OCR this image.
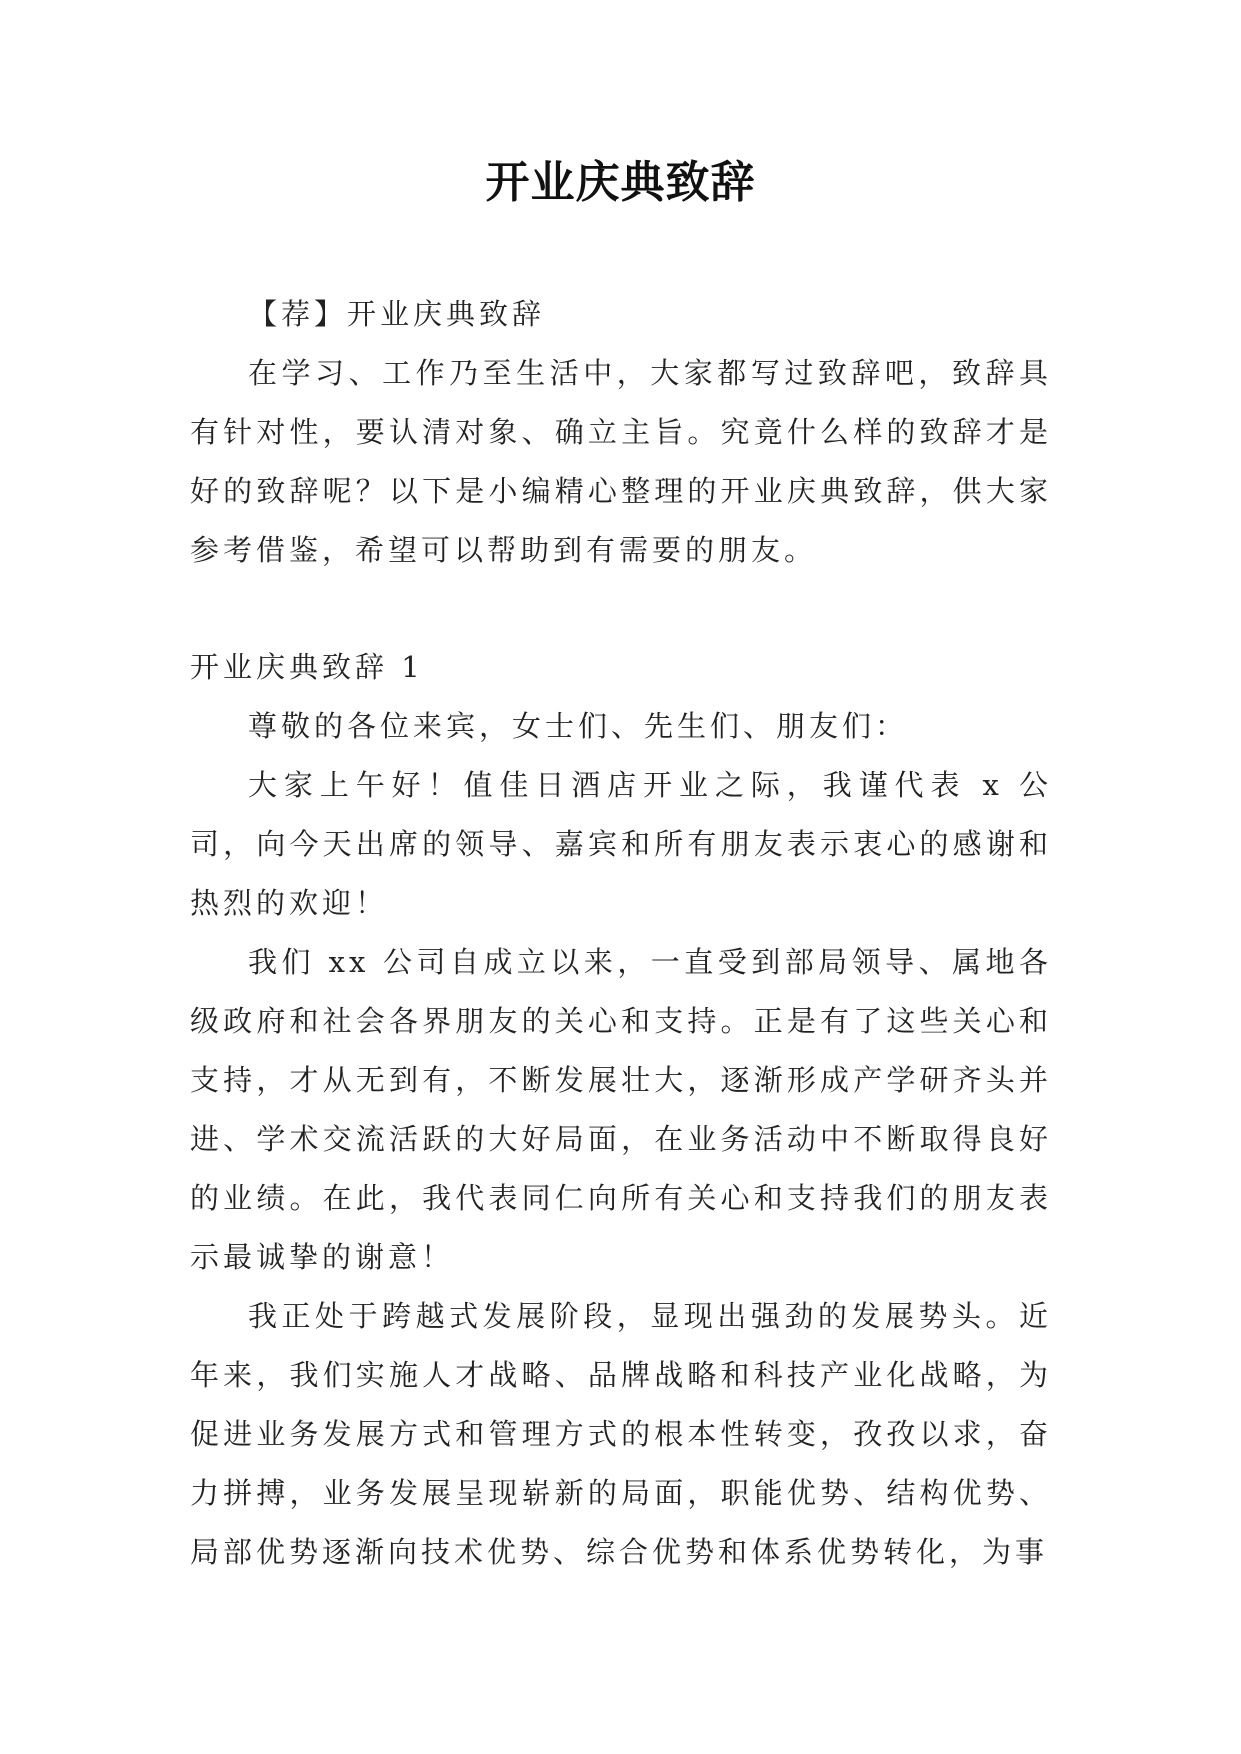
开业庆典致辞

【荐】开业庆典致辞

在学习、工作乃至生活中，大家都写过致辞吧，致辞具有针对性，要认清对象、确立主旨。究竟什么样的致辞才是好的致辞呢？以下是小编精心整理的开业庆典致辞，供大家参考借鉴，希望可以帮助到有需要的朋友。

开业庆典致辞 1

尊敬的各位来宾，女士们、先生们、朋友们：

大家上午好！值佳日酒店开业之际，我谨代表 x 公司，向今天出席的领导、嘉宾和所有朋友表示衷心的感谢和热烈的欢迎！

我们 xx 公司自成立以来，一直受到部局领导、属地各级政府和社会各界朋友的关心和支持。正是有了这些关心和支持，才从无到有，不断发展壮大，逐渐形成产学研齐头并进、学术交流活跃的大好局面，在业务活动中不断取得良好的业绩。在此，我代表同仁向所有关心和支持我们的朋友表示最诚挚的谢意！

我正处于跨越式发展阶段，显现出强劲的发展势头。近年来，我们实施人才战略、品牌战略和科技产业化战略，为促进业务发展方式和管理方式的根本性转变，孜孜以求，奋力拼搏，业务发展呈现崭新的局面，职能优势、结构优势、局部优势逐渐向技术优势、综合优势和体系优势转化，为事
